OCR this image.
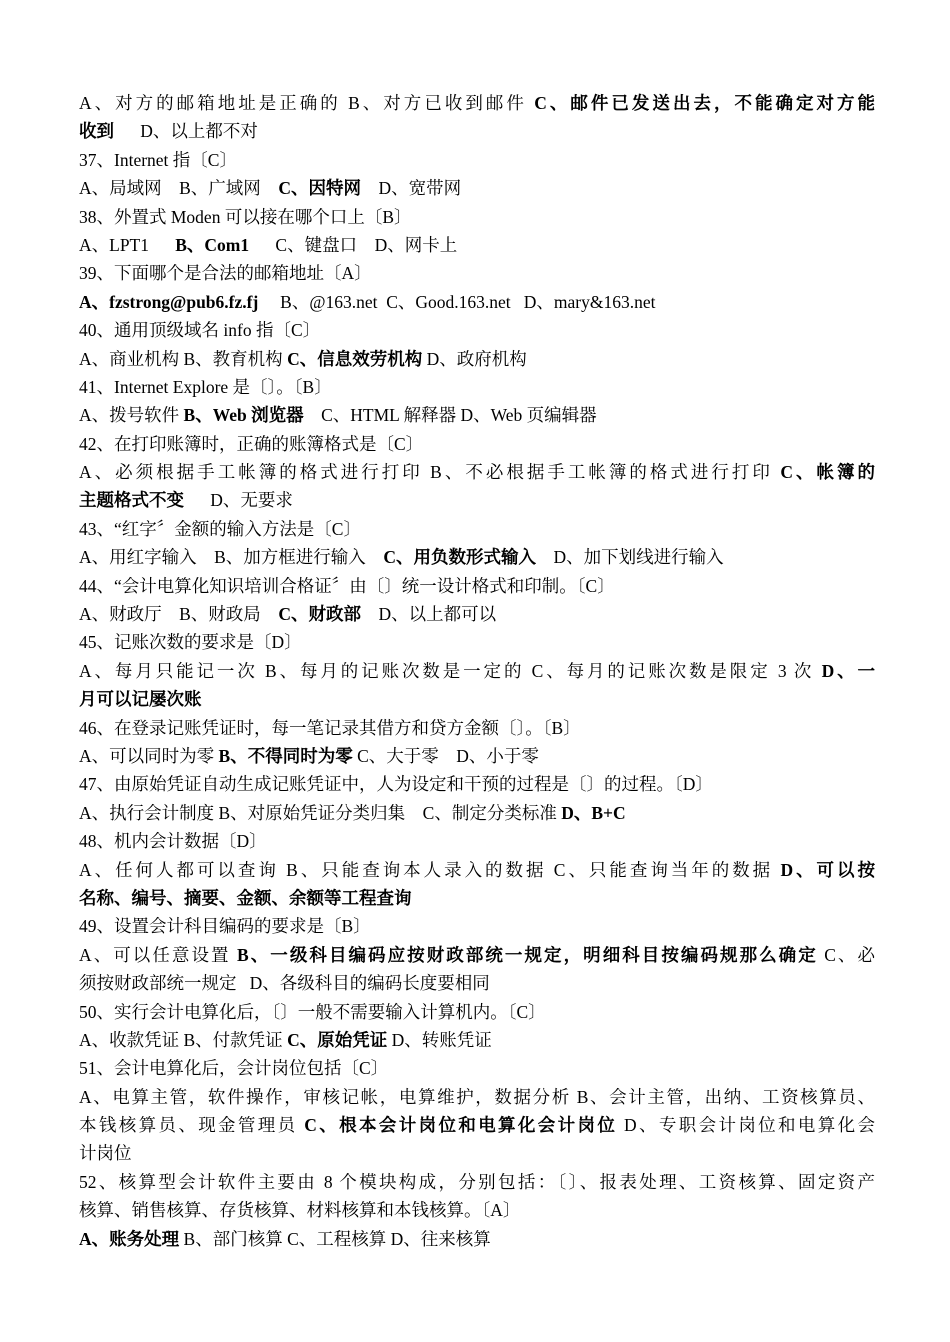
A、对方的邮箱地址是正确的 B、对方已收到邮件 C、邮件已发送出去，不能确定对方能
收到      D、以上都不对
37、Internet 指〔C〕
A、局域网    B、广域网    C、因特网    D、宽带网
38、外置式 Moden 可以接在哪个口上〔B〕
A、LPT1      B、Com1      C、键盘口    D、网卡上
39、下面哪个是合法的邮箱地址〔A〕
A、fzstrong@pub6.fz.fj     B、@163.net  C、Good.163.net   D、mary&163.net
40、通用顶级域名 info 指〔C〕
A、商业机构 B、教育机构 C、信息效劳机构 D、政府机构
41、Internet Explore 是〔〕。〔B〕
A、拨号软件 B、Web 浏览器    C、HTML 解释器 D、Web 页编辑器
42、在打印账簿时，正确的账簿格式是〔C〕
A、必须根据手工帐簿的格式进行打印 B、不必根据手工帐簿的格式进行打印 C、帐簿的
主题格式不变      D、无要求
43、“红字〞金额的输入方法是〔C〕
A、用红字输入    B、加方框进行输入    C、用负数形式输入    D、加下划线进行输入
44、“会计电算化知识培训合格证〞由〔〕统一设计格式和印制。〔C〕
A、财政厅    B、财政局    C、财政部    D、以上都可以
45、记账次数的要求是〔D〕
A、每月只能记一次 B、每月的记账次数是一定的 C、每月的记账次数是限定 3 次 D、一
月可以记屡次账
46、在登录记账凭证时，每一笔记录其借方和贷方金额〔〕。〔B〕
A、可以同时为零 B、不得同时为零 C、大于零    D、小于零
47、由原始凭证自动生成记账凭证中，人为设定和干预的过程是〔〕的过程。〔D〕
A、执行会计制度 B、对原始凭证分类归集    C、制定分类标准 D、B+C
48、机内会计数据〔D〕
A、任何人都可以查询 B、只能查询本人录入的数据 C、只能查询当年的数据 D、可以按
名称、编号、摘要、金额、余额等工程查询
49、设置会计科目编码的要求是〔B〕
A、可以任意设置 B、一级科目编码应按财政部统一规定，明细科目按编码规那么确定 C、必
须按财政部统一规定   D、各级科目的编码长度要相同
50、实行会计电算化后，〔〕一般不需要输入计算机内。〔C〕
A、收款凭证 B、付款凭证 C、原始凭证 D、转账凭证
51、会计电算化后，会计岗位包括〔C〕
A、电算主管，软件操作，审核记帐，电算维护，数据分析 B、会计主管，出纳、工资核算员、
本钱核算员、现金管理员 C、根本会计岗位和电算化会计岗位 D、专职会计岗位和电算化会
计岗位
52、核算型会计软件主要由 8 个模块构成，分别包括：〔〕、报表处理、工资核算、固定资产
核算、销售核算、存货核算、材料核算和本钱核算。〔A〕
A、账务处理 B、部门核算 C、工程核算 D、往来核算
